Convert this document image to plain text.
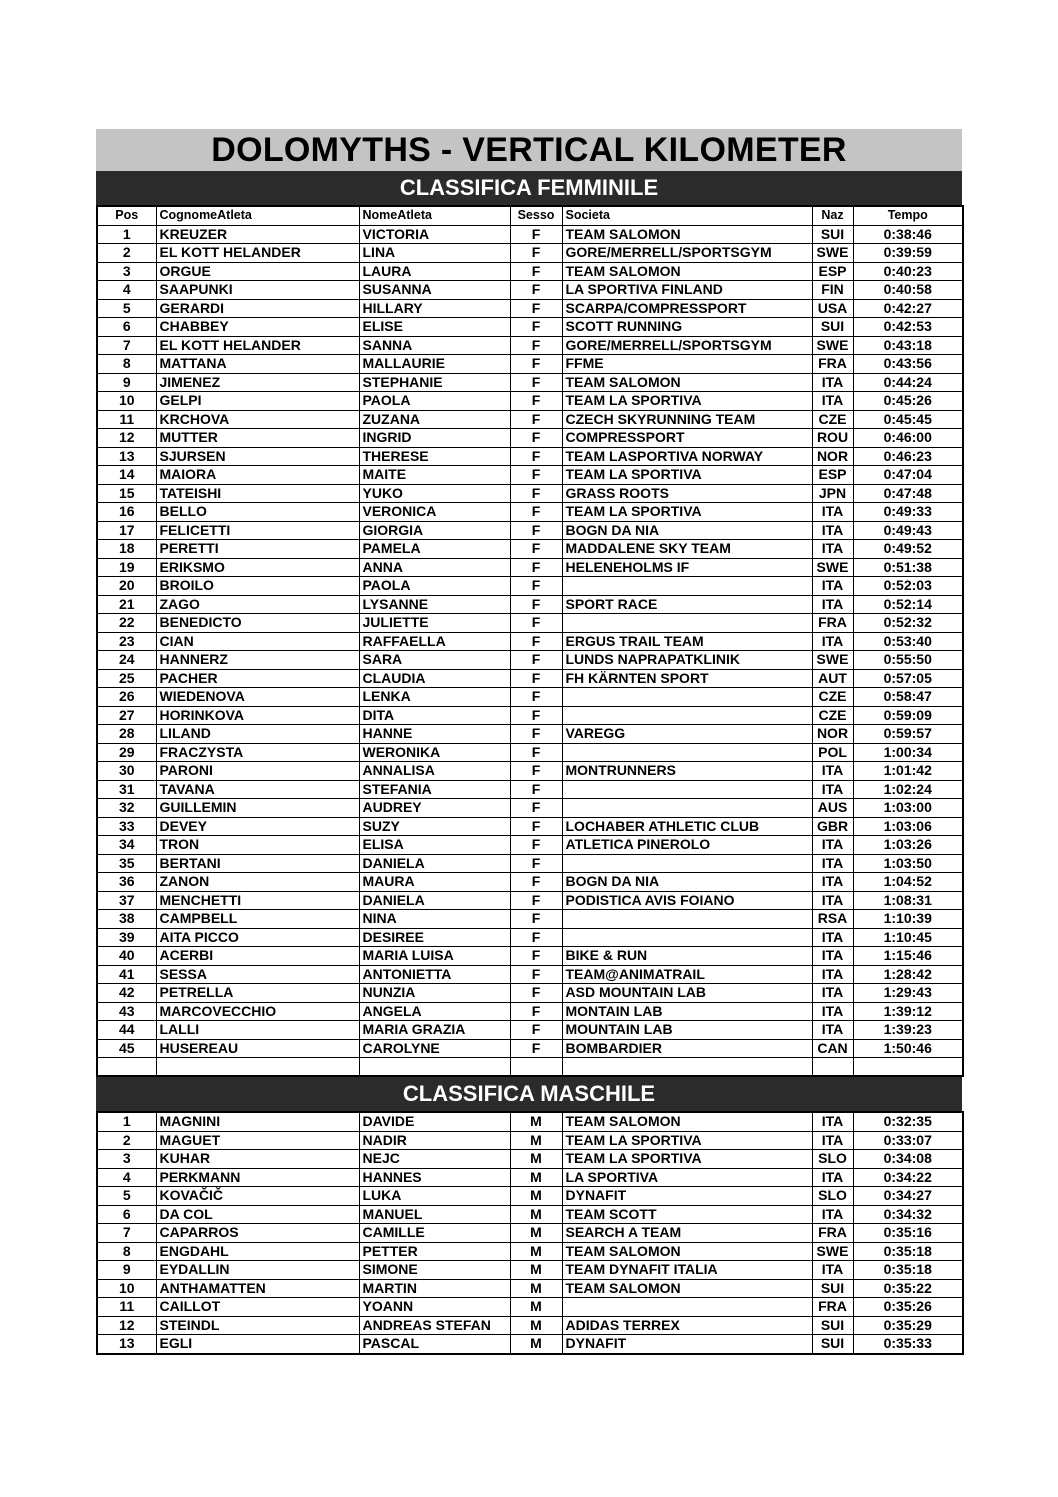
DOLOMYTHS - VERTICAL KILOMETER
CLASSIFICA FEMMINILE
Pos	CognomeAtleta	NomeAtleta	Sesso	Societa	Naz	Tempo
1	KREUZER	VICTORIA	F	TEAM SALOMON	SUI	0:38:46
2	EL KOTT HELANDER	LINA	F	GORE/MERRELL/SPORTSGYM	SWE	0:39:59
3	ORGUE	LAURA	F	TEAM SALOMON	ESP	0:40:23
4	SAAPUNKI	SUSANNA	F	LA SPORTIVA FINLAND	FIN	0:40:58
5	GERARDI	HILLARY	F	SCARPA/COMPRESSPORT	USA	0:42:27
6	CHABBEY	ELISE	F	SCOTT RUNNING	SUI	0:42:53
7	EL KOTT HELANDER	SANNA	F	GORE/MERRELL/SPORTSGYM	SWE	0:43:18
8	MATTANA	MALLAURIE	F	FFME	FRA	0:43:56
9	JIMENEZ	STEPHANIE	F	TEAM SALOMON	ITA	0:44:24
10	GELPI	PAOLA	F	TEAM LA SPORTIVA	ITA	0:45:26
11	KRCHOVA	ZUZANA	F	CZECH SKYRUNNING TEAM	CZE	0:45:45
12	MUTTER	INGRID	F	COMPRESSPORT	ROU	0:46:00
13	SJURSEN	THERESE	F	TEAM LASPORTIVA NORWAY	NOR	0:46:23
14	MAIORA	MAITE	F	TEAM LA SPORTIVA	ESP	0:47:04
15	TATEISHI	YUKO	F	GRASS ROOTS	JPN	0:47:48
16	BELLO	VERONICA	F	TEAM LA SPORTIVA	ITA	0:49:33
17	FELICETTI	GIORGIA	F	BOGN DA NIA	ITA	0:49:43
18	PERETTI	PAMELA	F	MADDALENE SKY TEAM	ITA	0:49:52
19	ERIKSMO	ANNA	F	HELENEHOLMS IF	SWE	0:51:38
20	BROILO	PAOLA	F		ITA	0:52:03
21	ZAGO	LYSANNE	F	SPORT RACE	ITA	0:52:14
22	BENEDICTO	JULIETTE	F		FRA	0:52:32
23	CIAN	RAFFAELLA	F	ERGUS TRAIL TEAM	ITA	0:53:40
24	HANNERZ	SARA	F	LUNDS NAPRAPATKLINIK	SWE	0:55:50
25	PACHER	CLAUDIA	F	FH KÄRNTEN SPORT	AUT	0:57:05
26	WIEDENOVA	LENKA	F		CZE	0:58:47
27	HORINKOVA	DITA	F		CZE	0:59:09
28	LILAND	HANNE	F	VAREGG	NOR	0:59:57
29	FRACZYSTA	WERONIKA	F		POL	1:00:34
30	PARONI	ANNALISA	F	MONTRUNNERS	ITA	1:01:42
31	TAVANA	STEFANIA	F		ITA	1:02:24
32	GUILLEMIN	AUDREY	F		AUS	1:03:00
33	DEVEY	SUZY	F	LOCHABER ATHLETIC CLUB	GBR	1:03:06
34	TRON	ELISA	F	ATLETICA PINEROLO	ITA	1:03:26
35	BERTANI	DANIELA	F		ITA	1:03:50
36	ZANON	MAURA	F	BOGN DA NIA	ITA	1:04:52
37	MENCHETTI	DANIELA	F	PODISTICA AVIS FOIANO	ITA	1:08:31
38	CAMPBELL	NINA	F		RSA	1:10:39
39	AITA PICCO	DESIREE	F		ITA	1:10:45
40	ACERBI	MARIA LUISA	F	BIKE & RUN	ITA	1:15:46
41	SESSA	ANTONIETTA	F	TEAM@ANIMATRAIL	ITA	1:28:42
42	PETRELLA	NUNZIA	F	ASD MOUNTAIN LAB	ITA	1:29:43
43	MARCOVECCHIO	ANGELA	F	MONTAIN LAB	ITA	1:39:12
44	LALLI	MARIA GRAZIA	F	MOUNTAIN LAB	ITA	1:39:23
45	HUSEREAU	CAROLYNE	F	BOMBARDIER	CAN	1:50:46

CLASSIFICA MASCHILE
1	MAGNINI	DAVIDE	M	TEAM SALOMON	ITA	0:32:35
2	MAGUET	NADIR	M	TEAM LA SPORTIVA	ITA	0:33:07
3	KUHAR	NEJC	M	TEAM LA SPORTIVA	SLO	0:34:08
4	PERKMANN	HANNES	M	LA SPORTIVA	ITA	0:34:22
5	KOVAČIČ	LUKA	M	DYNAFIT	SLO	0:34:27
6	DA COL	MANUEL	M	TEAM SCOTT	ITA	0:34:32
7	CAPARROS	CAMILLE	M	SEARCH A TEAM	FRA	0:35:16
8	ENGDAHL	PETTER	M	TEAM SALOMON	SWE	0:35:18
9	EYDALLIN	SIMONE	M	TEAM DYNAFIT ITALIA	ITA	0:35:18
10	ANTHAMATTEN	MARTIN	M	TEAM SALOMON	SUI	0:35:22
11	CAILLOT	YOANN	M		FRA	0:35:26
12	STEINDL	ANDREAS STEFAN	M	ADIDAS TERREX	SUI	0:35:29
13	EGLI	PASCAL	M	DYNAFIT	SUI	0:35:33
